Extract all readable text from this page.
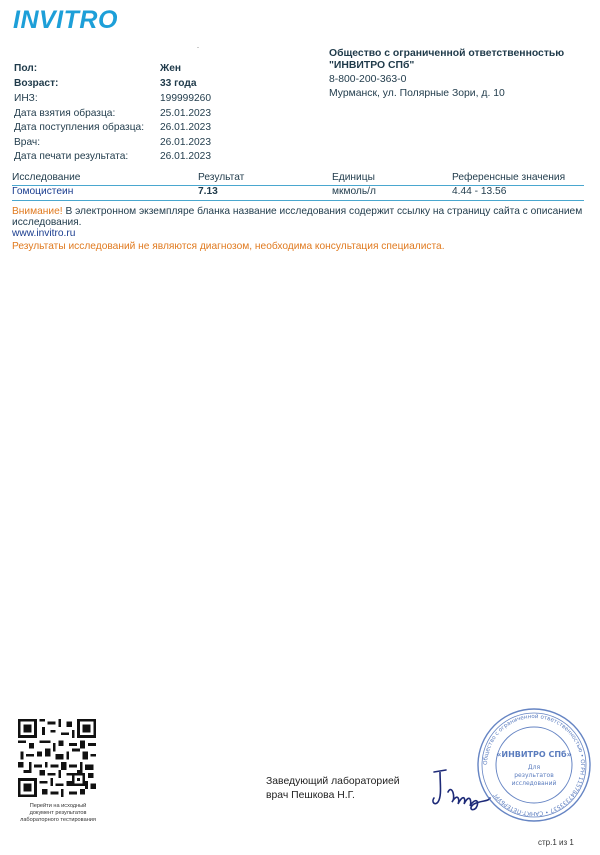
INVITRO
Пол:	Жен
Возраст:	33 года
ИНЗ:	199999260
Дата взятия образца:	25.01.2023
Дата поступления образца: 26.01.2023
Врач:	26.01.2023
Дата печати результата:	26.01.2023
Общество с ограниченной ответственностью
"ИНВИТРО СПб"
8-800-200-363-0
Мурманск, ул. Полярные Зори, д. 10
Исследование	Результат	Единицы	Референсные значения
Гомоцистеин	7.13	мкмоль/л	4.44 - 13.56
Внимание! В электронном экземпляре бланка название исследования содержит ссылку на страницу сайта с описанием
исследования.
www.invitro.ru
Результаты исследований не являются диагнозом, необходима консультация специалиста.
Перейти на исходный
документ результатов
лабораторного тестирования
Заведующий лабораторией
врач Пешкова Н.Г.
Общество с ограниченной ответственностью • ОГРН 1157847333537 • САНКТ-ПЕТЕРБУРГ
«ИНВИТРО СПб»
Для
результатов
исследований
стр.1 из 1
